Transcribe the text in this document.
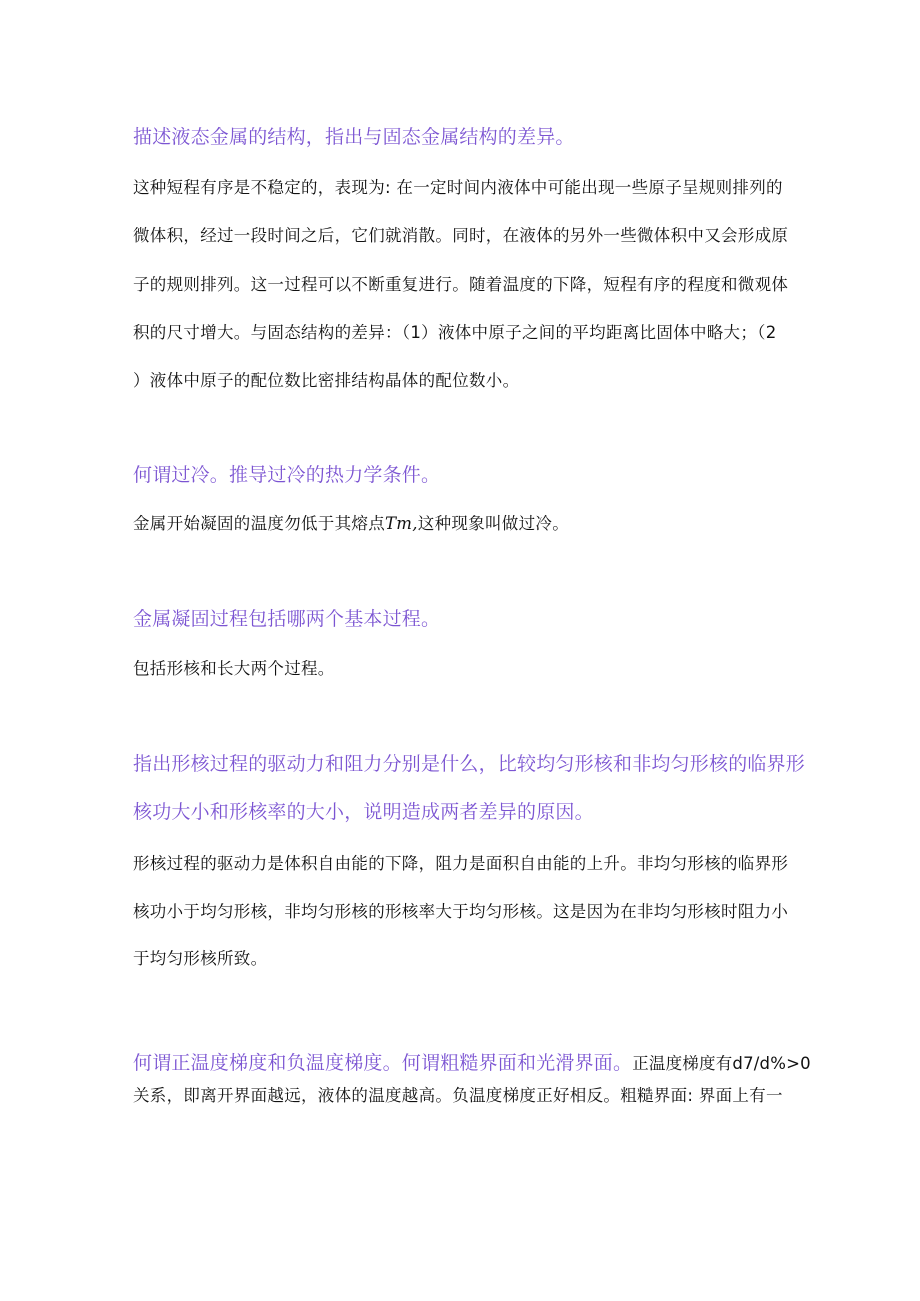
描述液态金属的结构，指出与固态金属结构的差异。
这种短程有序是不稳定的，表现为: 在一定时间内液体中可能出现一些原子呈规则排列的
微体积，经过一段时间之后，它们就消散。同时，在液体的另外一些微体积中又会形成原
子的规则排列。这一过程可以不断重复进行。随着温度的下降，短程有序的程度和微观体
积的尺寸增大。与固态结构的差异：（1）液体中原子之间的平均距离比固体中略大；（2
）液体中原子的配位数比密排结构晶体的配位数小。
何谓过冷。推导过冷的热力学条件。
金属开始凝固的温度勿低于其熔点Tm,这种现象叫做过冷。
金属凝固过程包括哪两个基本过程。
包括形核和长大两个过程。
指出形核过程的驱动力和阻力分别是什么，比较均匀形核和非均匀形核的临界形
核功大小和形核率的大小，说明造成两者差异的原因。
形核过程的驱动力是体积自由能的下降，阻力是面积自由能的上升。非均匀形核的临界形
核功小于均匀形核，非均匀形核的形核率大于均匀形核。这是因为在非均匀形核时阻力小
于均匀形核所致。
何谓正温度梯度和负温度梯度。何谓粗糙界面和光滑界面。正温度梯度有d7/d%>0
关系，即离开界面越远，液体的温度越高。负温度梯度正好相反。粗糙界面: 界面上有一
